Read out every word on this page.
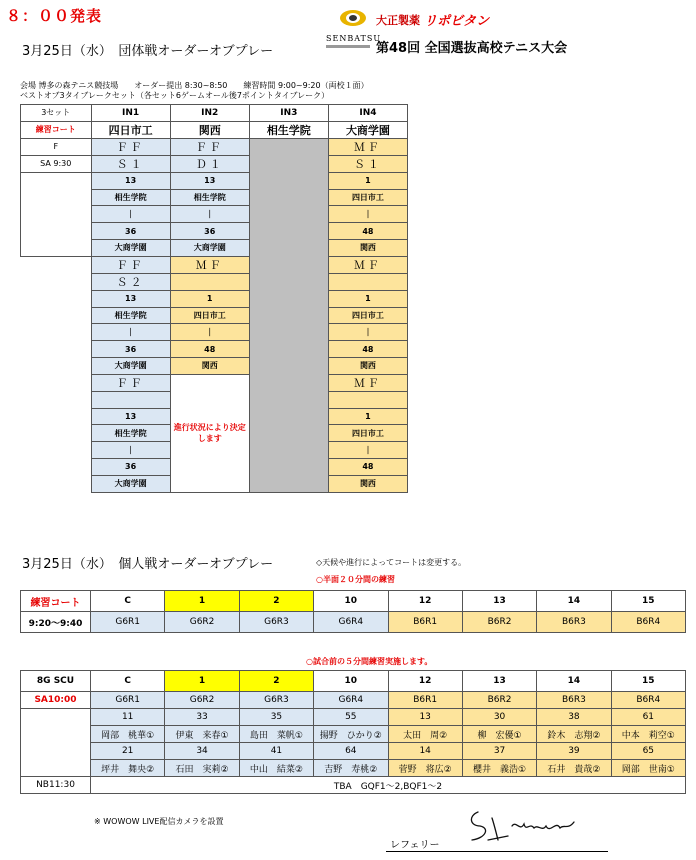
８：００発表
3月25日（水）　団体戦オーダーオブプレー
大正製薬 リポビタン
SENBATSU
第48回 全国選抜高校テニス大会
会場 博多の森テニス競技場　　オーダー提出 8:30~8:50　　練習時間 9:00~9:20（両校１面）
ベストオブ3タイブレークセット（各セット6ゲームオール後7ポイントタイブレーク）
3セット	IN1	IN2	IN3	IN4
練習コート	四日市工	関西	相生学院	大商学園
F	ＦＦ	ＦＦ		ＭＦ
SA 9:30	Ｓ１	Ｄ１		Ｓ１
	13	13		1
	相生学院	相生学院		四日市工
	｜	｜		｜
	36	36		48
	大商学園	大商学園		関西
	ＦＦ	ＭＦ		ＭＦ
	Ｓ２			
	13	1		1
	相生学院	四日市工		四日市工
	｜	｜		｜
	36	48		48
	大商学園	関西		関西
	ＦＦ	進行状況により決定します		ＭＦ

	13			1
	相生学院			四日市工
	｜			｜
	36			48
	大商学園			関西
3月25日（水）　個人戦オーダーオブプレー	◇天候や進行によってコートは変更する。
○半面２０分間の練習
練習コート	C	1	2	10	12	13	14	15
9:20～9:40	G6R1	G6R2	G6R3	G6R4	B6R1	B6R2	B6R3	B6R4
○試合前の５分間練習実施します。
8G SCU	C	1	2	10	12	13	14	15
SA10:00	G6R1	G6R2	G6R3	G6R4	B6R1	B6R2	B6R3	B6R4
	11	33	35	55	13	30	38	61
	岡部　桃華①	伊東　来春①	島田　菜帆①	揚野　ひかり②	太田　周②	柳　宏優①	鈴木　志翔②	中本　莉空①
	21	34	41	64	14	37	39	65
	坪井　舞央②	石田　実莉②	中山　結菜②	吉野　寿桃②	菅野　将広②	櫻井　義浩①	石井　貴哉②	岡部　世南①
NB11:30	TBA　GQF1～2,BQF1～2							
※ WOWOW LIVE配信カメラを設置
レフェリー
